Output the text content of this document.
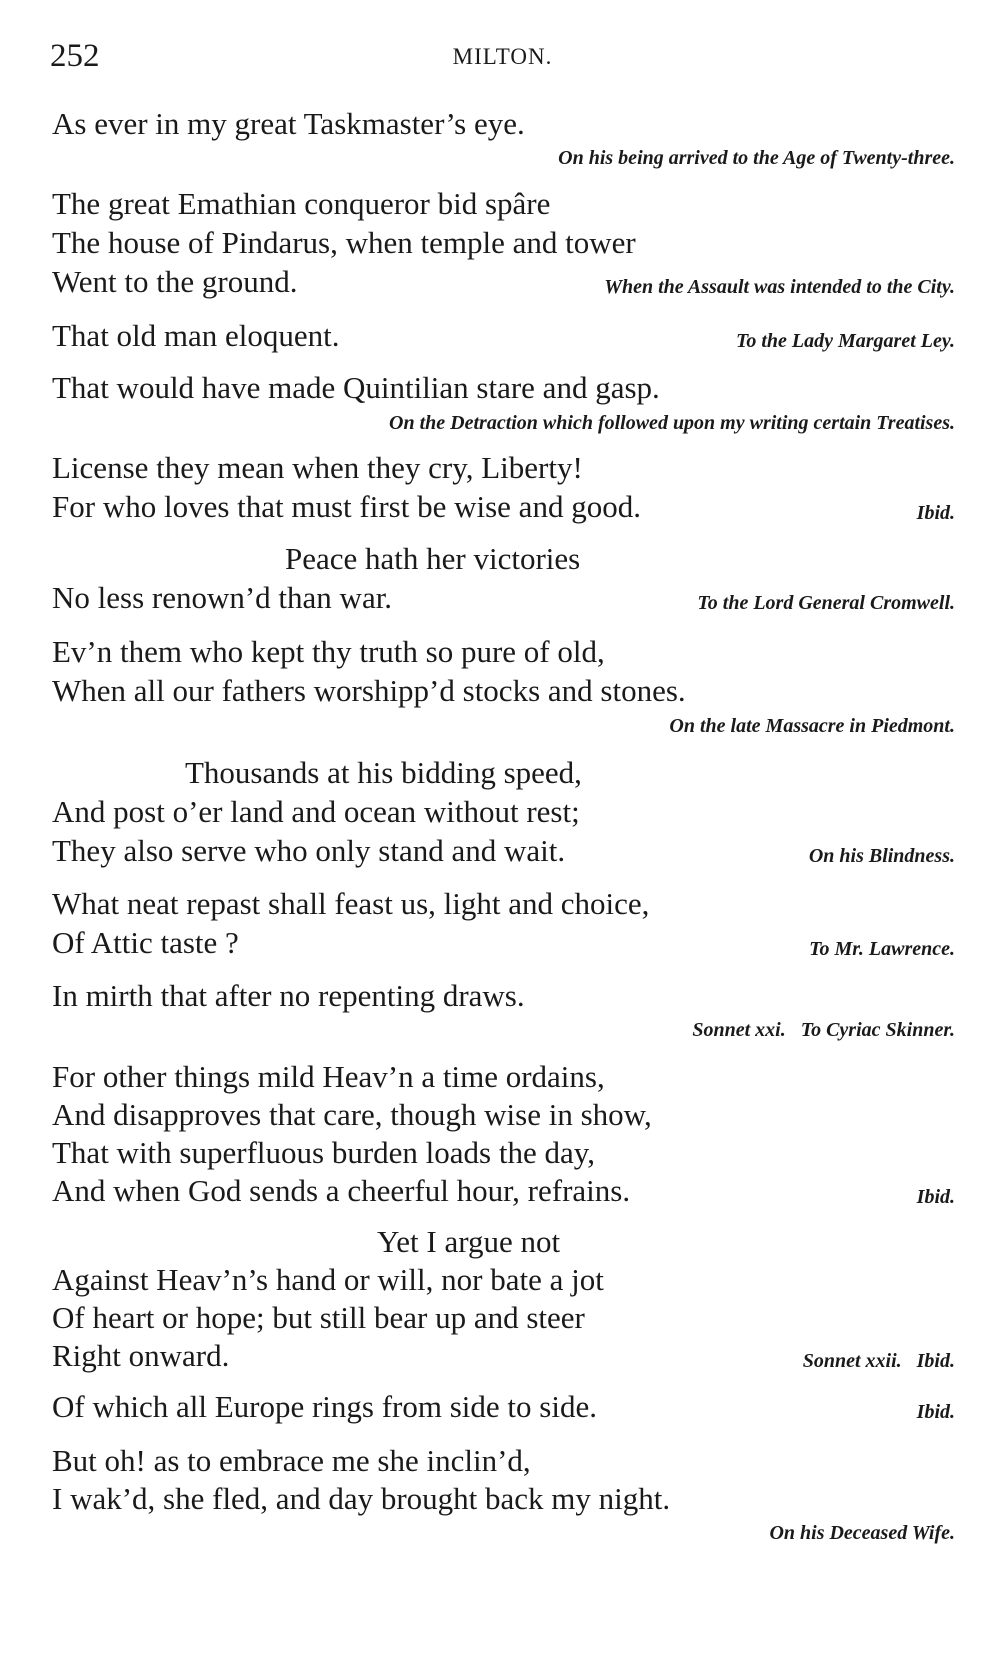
252	MILTON.
As ever in my great Taskmaster’s eye.
On his being arrived to the Age of Twenty-three.
The great Emathian conqueror bid spâre
The house of Pindarus, when temple and tower
Went to the ground.	When the Assault was intended to the City.
That old man eloquent.	To the Lady Margaret Ley.
That would have made Quintilian stare and gasp.
On the Detraction which followed upon my writing certain Treatises.
License they mean when they cry, Liberty!
For who loves that must first be wise and good.	Ibid.
Peace hath her victories
No less renown’d than war.	To the Lord General Cromwell.
Ev’n them who kept thy truth so pure of old,
When all our fathers worshipp’d stocks and stones.
On the late Massacre in Piedmont.
Thousands at his bidding speed,
And post o’er land and ocean without rest;
They also serve who only stand and wait.	On his Blindness.
What neat repast shall feast us, light and choice,
Of Attic taste ?	To Mr. Lawrence.
In mirth that after no repenting draws.
Sonnet xxi.   To Cyriac Skinner.
For other things mild Heav’n a time ordains,
And disapproves that care, though wise in show,
That with superfluous burden loads the day,
And when God sends a cheerful hour, refrains.	Ibid.
Yet I argue not
Against Heav’n’s hand or will, nor bate a jot
Of heart or hope; but still bear up and steer
Right onward.	Sonnet xxii.   Ibid.
Of which all Europe rings from side to side.	Ibid.
But oh! as to embrace me she inclin’d,
I wak’d, she fled, and day brought back my night.
On his Deceased Wife.
